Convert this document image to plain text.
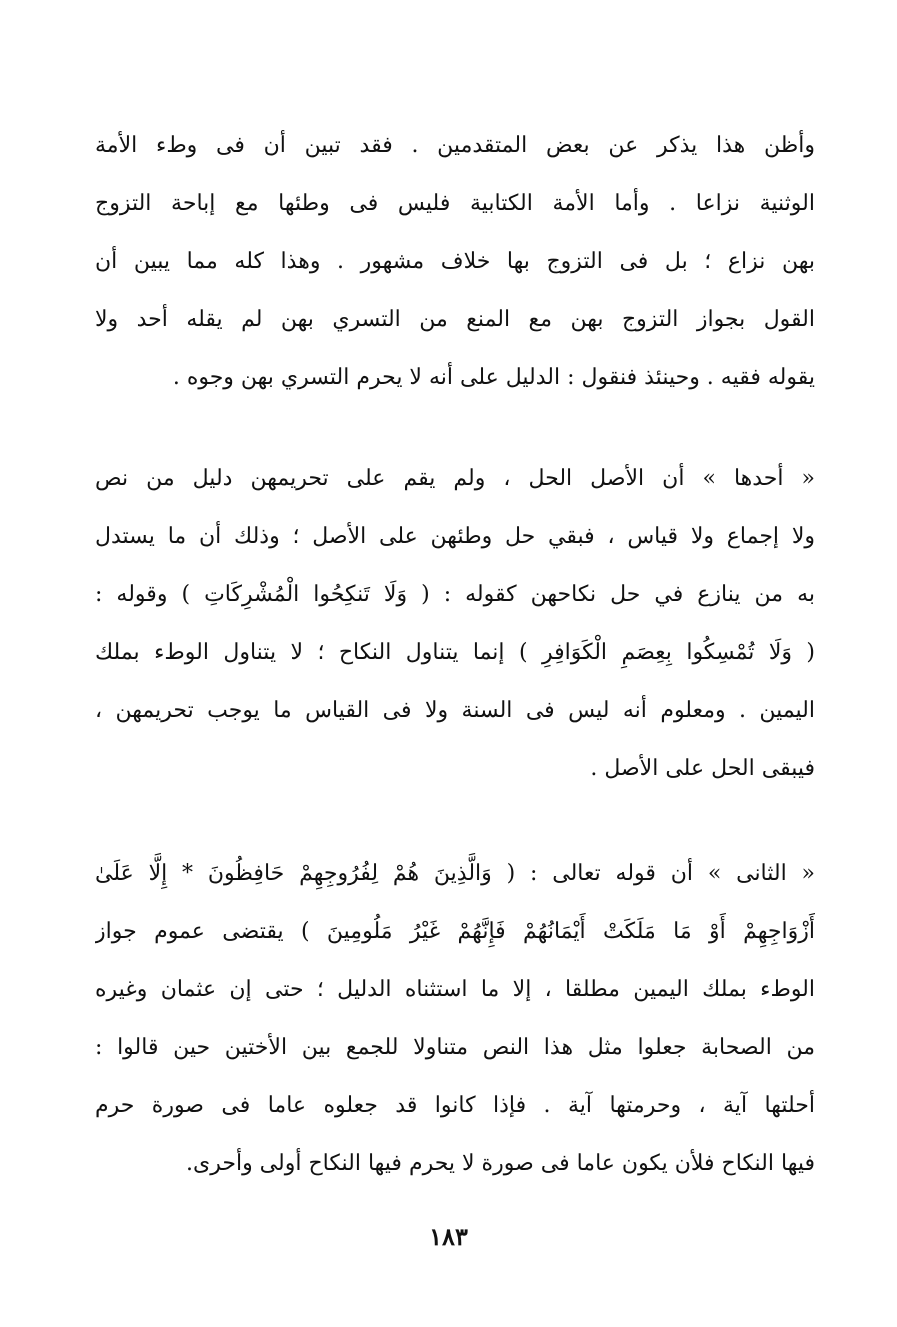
وأظن هذا يذكر عن بعض المتقدمين . فقد تبين أن فى وطء الأمة
الوثنية نزاعا . وأما الأمة الكتابية فليس فى وطئها مع إباحة التزوج
بهن نزاع ؛ بل فى التزوج بها خلاف مشهور . وهذا كله مما يبين أن
القول بجواز التزوج بهن مع المنع من التسري بهن لم يقله أحد ولا
يقوله فقيه . وحينئذ فنقول : الدليل على أنه لا يحرم التسري بهن وجوه .
« أحدها » أن الأصل الحل ، ولم يقم على تحريمهن دليل من نص
ولا إجماع ولا قياس ، فبقي حل وطئهن على الأصل ؛ وذلك أن ما يستدل
به من ينازع في حل نكاحهن كقوله : ( وَلَا تَنكِحُوا الْمُشْرِكَاتِ ) وقوله :
( وَلَا تُمْسِكُوا بِعِصَمِ الْكَوَافِرِ ) إنما يتناول النكاح ؛ لا يتناول الوطء بملك
اليمين . ومعلوم أنه ليس فى السنة ولا فى القياس ما يوجب تحريمهن ،
فيبقى الحل على الأصل .
« الثانى » أن قوله تعالى : ( وَالَّذِينَ هُمْ لِفُرُوجِهِمْ حَافِظُونَ * إِلَّا عَلَىٰ
أَزْوَاجِهِمْ أَوْ مَا مَلَكَتْ أَيْمَانُهُمْ فَإِنَّهُمْ غَيْرُ مَلُومِينَ ) يقتضى عموم جواز
الوطء بملك اليمين مطلقا ، إلا ما استثناه الدليل ؛ حتى إن عثمان وغيره
من الصحابة جعلوا مثل هذا النص متناولا للجمع بين الأختين حين قالوا :
أحلتها آية ، وحرمتها آية . فإذا كانوا قد جعلوه عاما فى صورة حرم
فيها النكاح فلأن يكون عاما فى صورة لا يحرم فيها النكاح أولى وأحرى.
١٨٣
